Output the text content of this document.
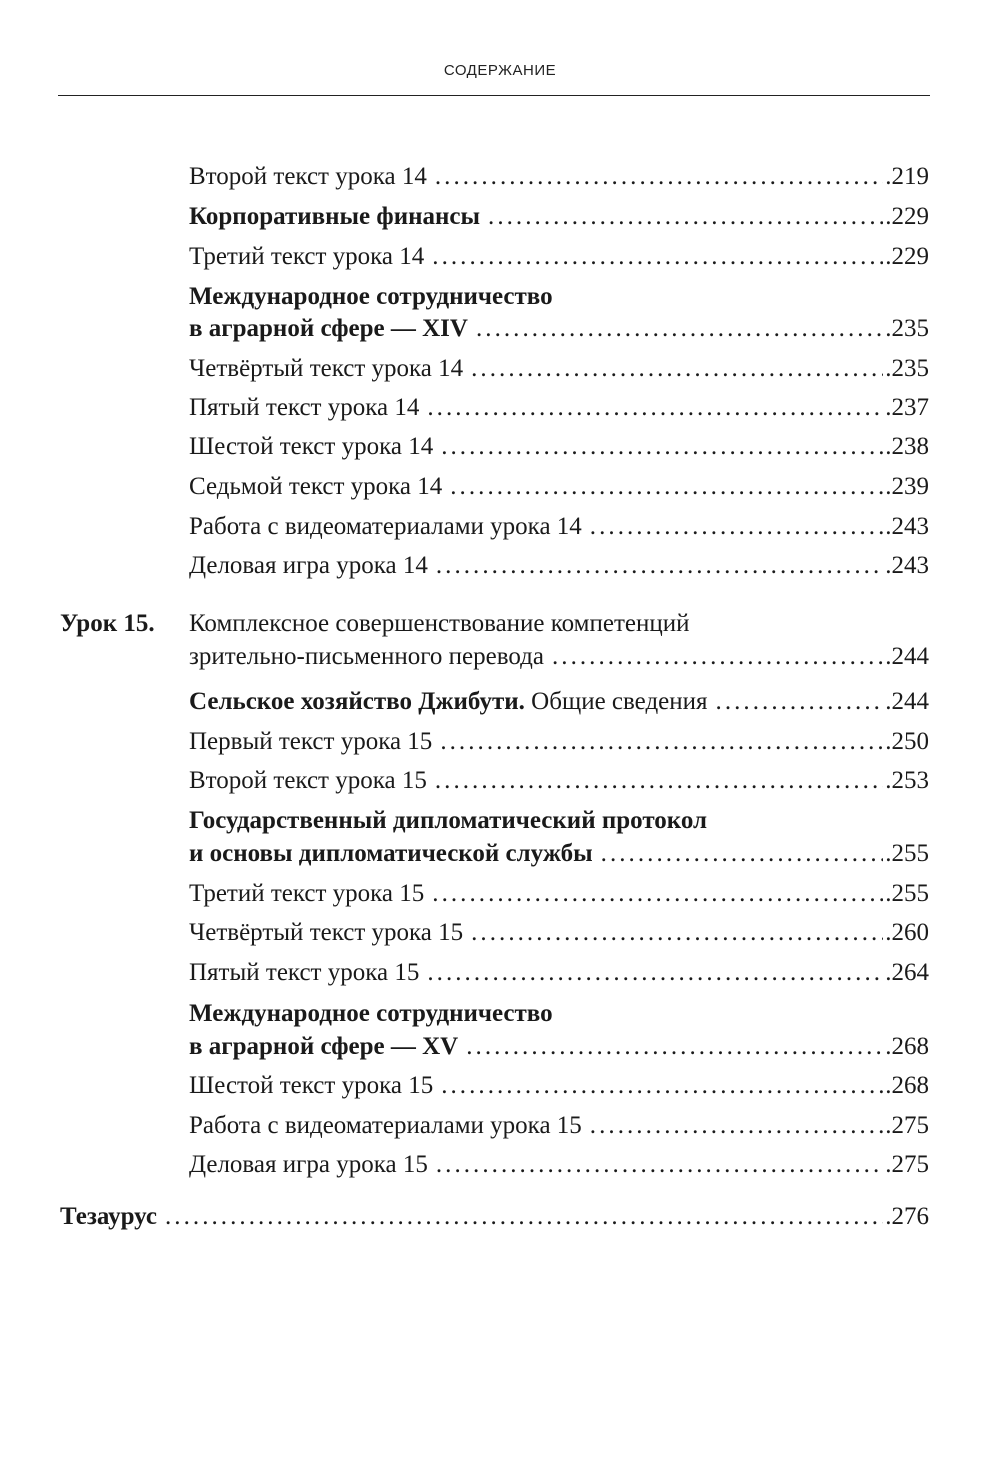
СОДЕРЖАНИЕ
Второй текст урока 14 . . .	.219
Корпоративные финансы . . .	.229
Третий текст урока 14 . . .	.229
Международное сотрудничество
в аграрной сфере — XIV . . .	.235
Четвёртый текст урока 14 . . .	.235
Пятый текст урока 14 . . .	.237
Шестой текст урока 14 . . .	.238
Седьмой текст урока 14 . . .	.239
Работа с видеоматериалами урока 14 . . .	.243
Деловая игра урока 14 . . .	.243
Урок 15. Комплексное совершенствование компетенций
зрительно-письменного перевода . . .	.244
Сельское хозяйство Джибути. Общие сведения . . .	.244
Первый текст урока 15 . . .	.250
Второй текст урока 15 . . .	.253
Государственный дипломатический протокол
и основы дипломатической службы . . .	.255
Третий текст урока 15 . . .	.255
Четвёртый текст урока 15 . . .	.260
Пятый текст урока 15 . . .	.264
Международное сотрудничество
в аграрной сфере — XV . . .	.268
Шестой текст урока 15 . . .	.268
Работа с видеоматериалами урока 15 . . .	.275
Деловая игра урока 15 . . .	.275
Тезаурус . . .	.276
